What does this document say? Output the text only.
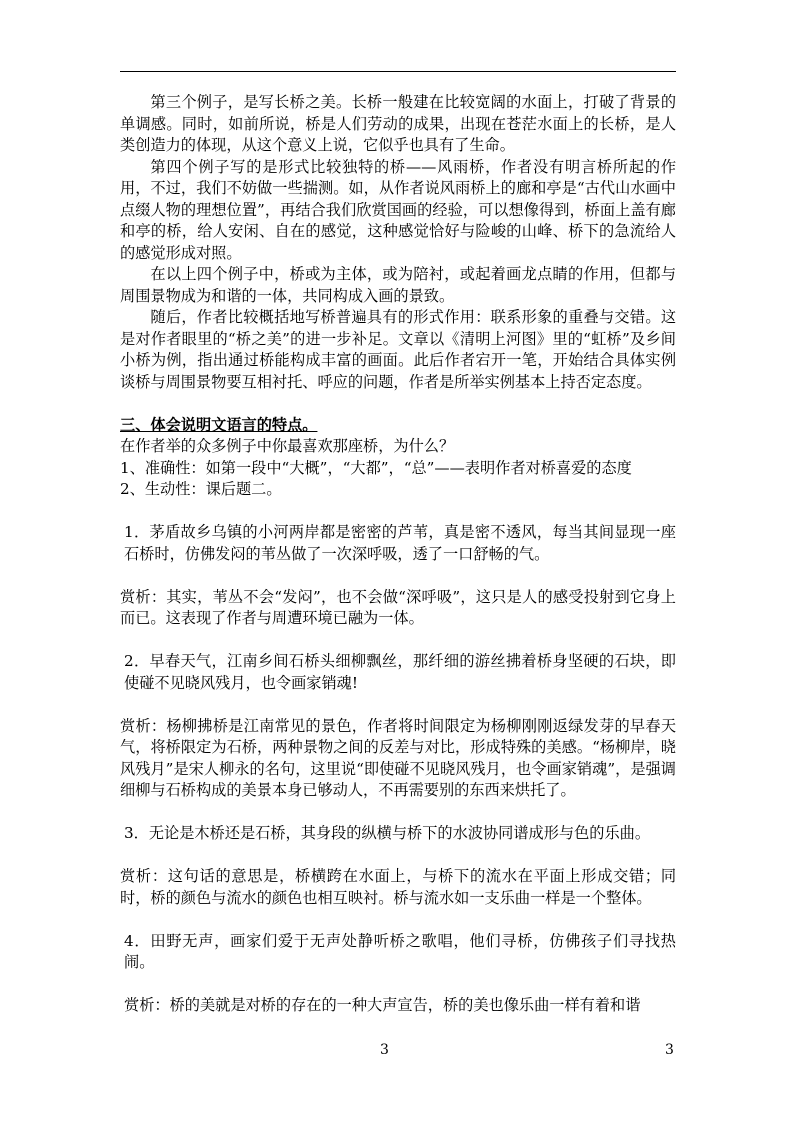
第三个例子，是写长桥之美。长桥一般建在比较宽阔的水面上，打破了背景的单调感。同时，如前所说，桥是人们劳动的成果，出现在苍茫水面上的长桥，是人类创造力的体现，从这个意义上说，它似乎也具有了生命。

第四个例子写的是形式比较独特的桥——风雨桥，作者没有明言桥所起的作用，不过，我们不妨做一些揣测。如，从作者说风雨桥上的廊和亭是“古代山水画中点缀人物的理想位置”，再结合我们欣赏国画的经验，可以想像得到，桥面上盖有廊和亭的桥，给人安闲、自在的感觉，这种感觉恰好与险峻的山峰、桥下的急流给人的感觉形成对照。

在以上四个例子中，桥或为主体，或为陪衬，或起着画龙点睛的作用，但都与周围景物成为和谐的一体，共同构成入画的景致。

随后，作者比较概括地写桥普遍具有的形式作用：联系形象的重叠与交错。这是对作者眼里的“桥之美”的进一步补足。文章以《清明上河图》里的“虹桥”及乡间小桥为例，指出通过桥能构成丰富的画面。此后作者宕开一笔，开始结合具体实例谈桥与周围景物要互相衬托、呼应的问题，作者是所举实例基本上持否定态度。

三、体会说明文语言的特点。

在作者举的众多例子中你最喜欢那座桥，为什么？

1、准确性：如第一段中“大概”，“大都”，“总”——表明作者对桥喜爱的态度

2、生动性：课后题二。

1．茅盾故乡乌镇的小河两岸都是密密的芦苇，真是密不透风，每当其间显现一座石桥时，仿佛发闷的苇丛做了一次深呼吸，透了一口舒畅的气。

赏析：其实，苇丛不会“发闷”，也不会做“深呼吸”，这只是人的感受投射到它身上而已。这表现了作者与周遭环境已融为一体。

2．早春天气，江南乡间石桥头细柳飘丝，那纤细的游丝拂着桥身坚硬的石块，即使碰不见晓风残月，也令画家销魂!

赏析：杨柳拂桥是江南常见的景色，作者将时间限定为杨柳刚刚返绿发芽的早春天气，将桥限定为石桥，两种景物之间的反差与对比，形成特殊的美感。“杨柳岸，晓风残月”是宋人柳永的名句，这里说“即使碰不见晓风残月，也令画家销魂”，是强调细柳与石桥构成的美景本身已够动人，不再需要别的东西来烘托了。

3．无论是木桥还是石桥，其身段的纵横与桥下的水波协同谱成形与色的乐曲。

赏析：这句话的意思是，桥横跨在水面上，与桥下的流水在平面上形成交错；同时，桥的颜色与流水的颜色也相互映衬。桥与流水如一支乐曲一样是一个整体。

4．田野无声，画家们爱于无声处静听桥之歌唱，他们寻桥，仿佛孩子们寻找热闹。

赏析：桥的美就是对桥的存在的一种大声宣告，桥的美也像乐曲一样有着和谐

3	3
